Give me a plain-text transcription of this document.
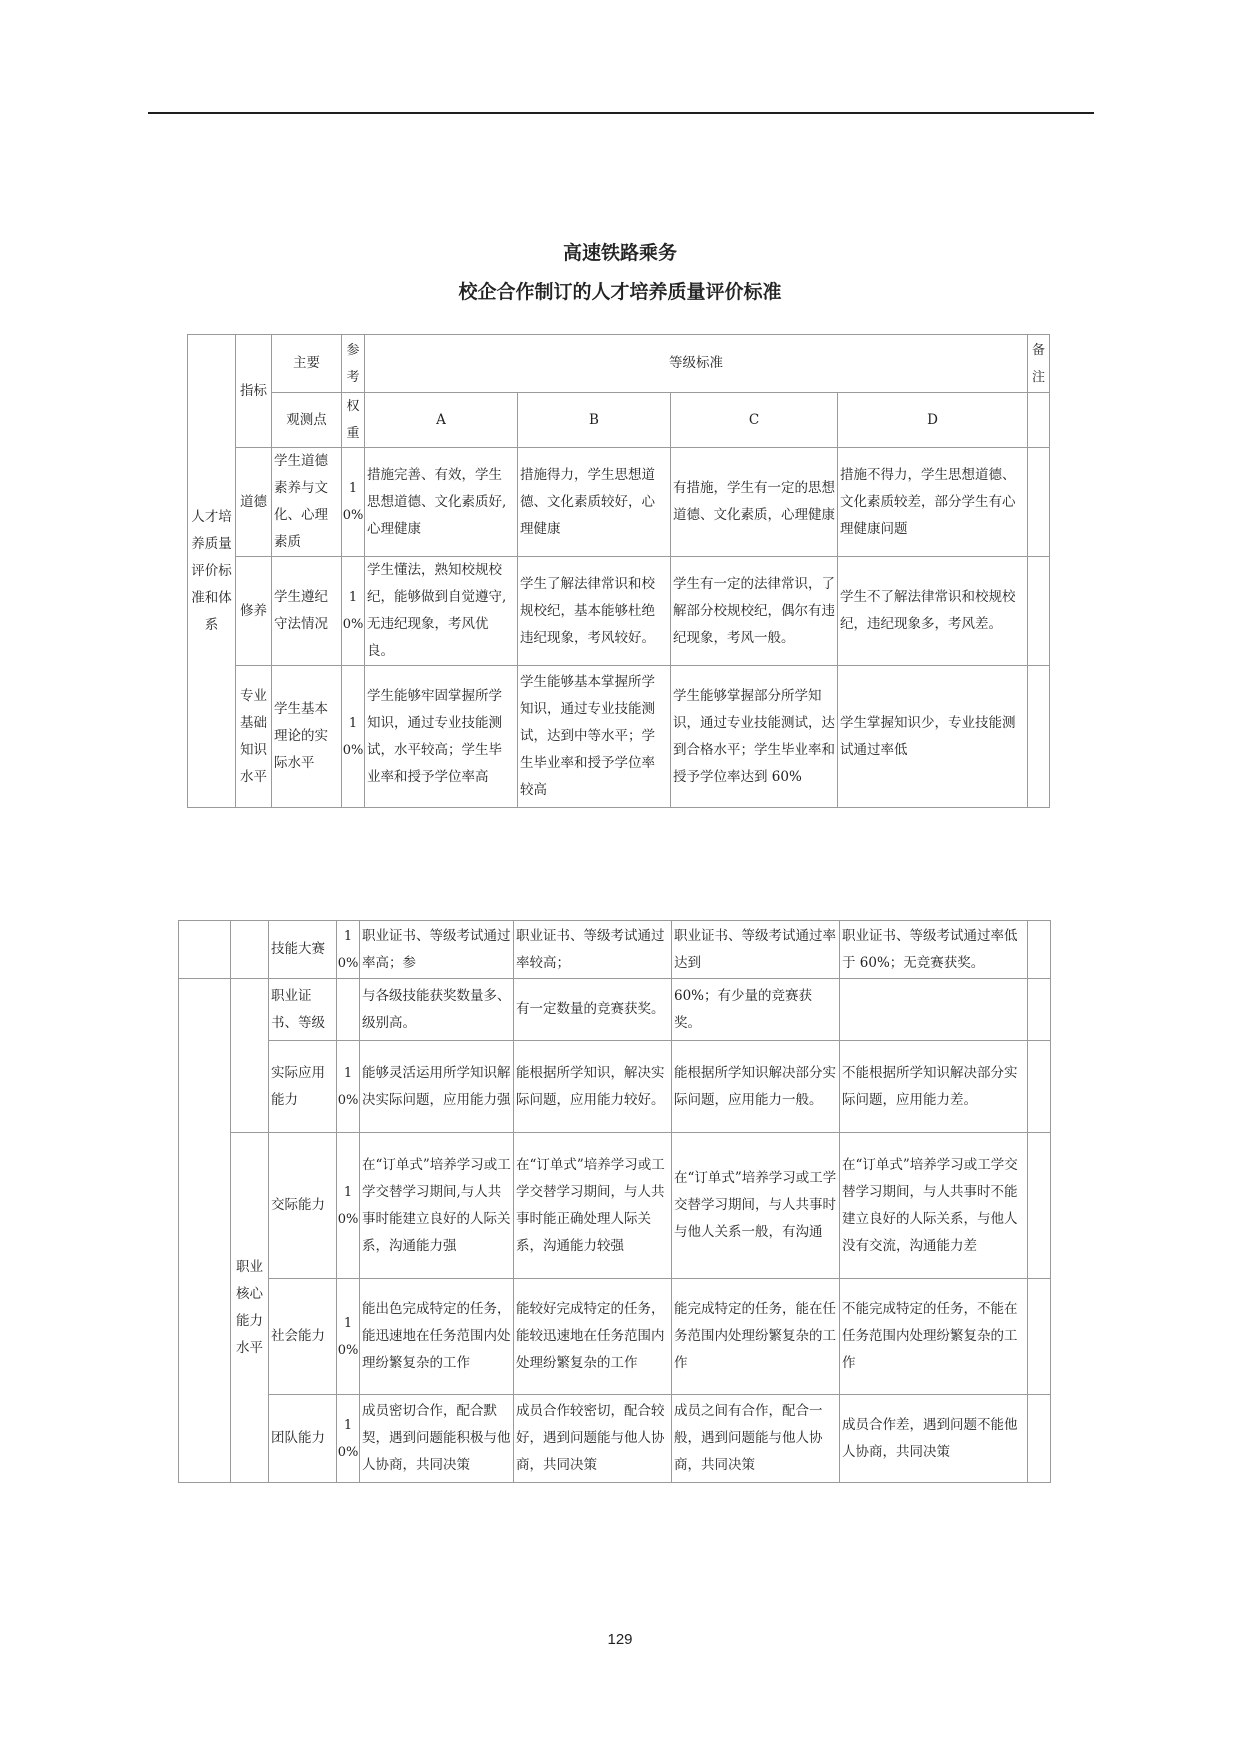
高速铁路乘务
校企合作制订的人才培养质量评价标准
人才培养质量评价标准和体系	指标	主要	参考	等级标准				备注
		观测点	权重	A	B	C	D	
	道德	学生道德素养与文化、心理素质	10%	措施完善、有效，学生思想道德、文化素质好,心理健康	措施得力，学生思想道德、文化素质较好，心理健康	有措施，学生有一定的思想道德、文化素质，心理健康	措施不得力，学生思想道德、文化素质较差，部分学生有心理健康问题	
	修养	学生遵纪守法情况	10%	学生懂法，熟知校规校纪，能够做到自觉遵守,无违纪现象，考风优良。	学生了解法律常识和校规校纪，基本能够杜绝违纪现象，考风较好。	学生有一定的法律常识，了解部分校规校纪，偶尔有违纪现象，考风一般。	学生不了解法律常识和校规校纪，违纪现象多，考风差。	
	专业基础知识水平	学生基本理论的实际水平	10%	学生能够牢固掌握所学知识，通过专业技能测试，水平较高；学生毕业率和授予学位率高	学生能够基本掌握所学知识，通过专业技能测试，达到中等水平；学生毕业率和授予学位率较高	学生能够掌握部分所学知识，通过专业技能测试，达到合格水平；学生毕业率和授予学位率达到 60%	学生掌握知识少，专业技能测试通过率低	
		技能大赛	10%	职业证书、等级考试通过率高；参	职业证书、等级考试通过率较高；	职业证书、等级考试通过率达到	职业证书、等级考试通过率低于 60%；无竞赛获奖。	
		职业证书、等级		与各级技能获奖数量多、级别高。	有一定数量的竞赛获奖。	60%；有少量的竞赛获奖。		
		实际应用能力	10%	能够灵活运用所学知识解决实际问题，应用能力强	能根据所学知识，解决实际问题，应用能力较好。	能根据所学知识解决部分实际问题，应用能力一般。	不能根据所学知识解决部分实际问题，应用能力差。	
	职业核心能力水平	交际能力	10%	在“订单式”培养学习或工学交替学习期间,与人共事时能建立良好的人际关系，沟通能力强	在“订单式”培养学习或工学交替学习期间，与人共事时能正确处理人际关系，沟通能力较强	在“订单式”培养学习或工学交替学习期间，与人共事时与他人关系一般，有沟通	在“订单式”培养学习或工学交替学习期间，与人共事时不能建立良好的人际关系，与他人没有交流，沟通能力差	
		社会能力	10%	能出色完成特定的任务，能迅速地在任务范围内处理纷繁复杂的工作	能较好完成特定的任务，能较迅速地在任务范围内处理纷繁复杂的工作	能完成特定的任务，能在任务范围内处理纷繁复杂的工作	不能完成特定的任务，不能在任务范围内处理纷繁复杂的工作	
		团队能力	10%	成员密切合作，配合默契，遇到问题能积极与他人协商，共同决策	成员合作较密切，配合较好，遇到问题能与他人协商，共同决策	成员之间有合作，配合一般，遇到问题能与他人协商，共同决策	成员合作差，遇到问题不能他人协商，共同决策	
129
